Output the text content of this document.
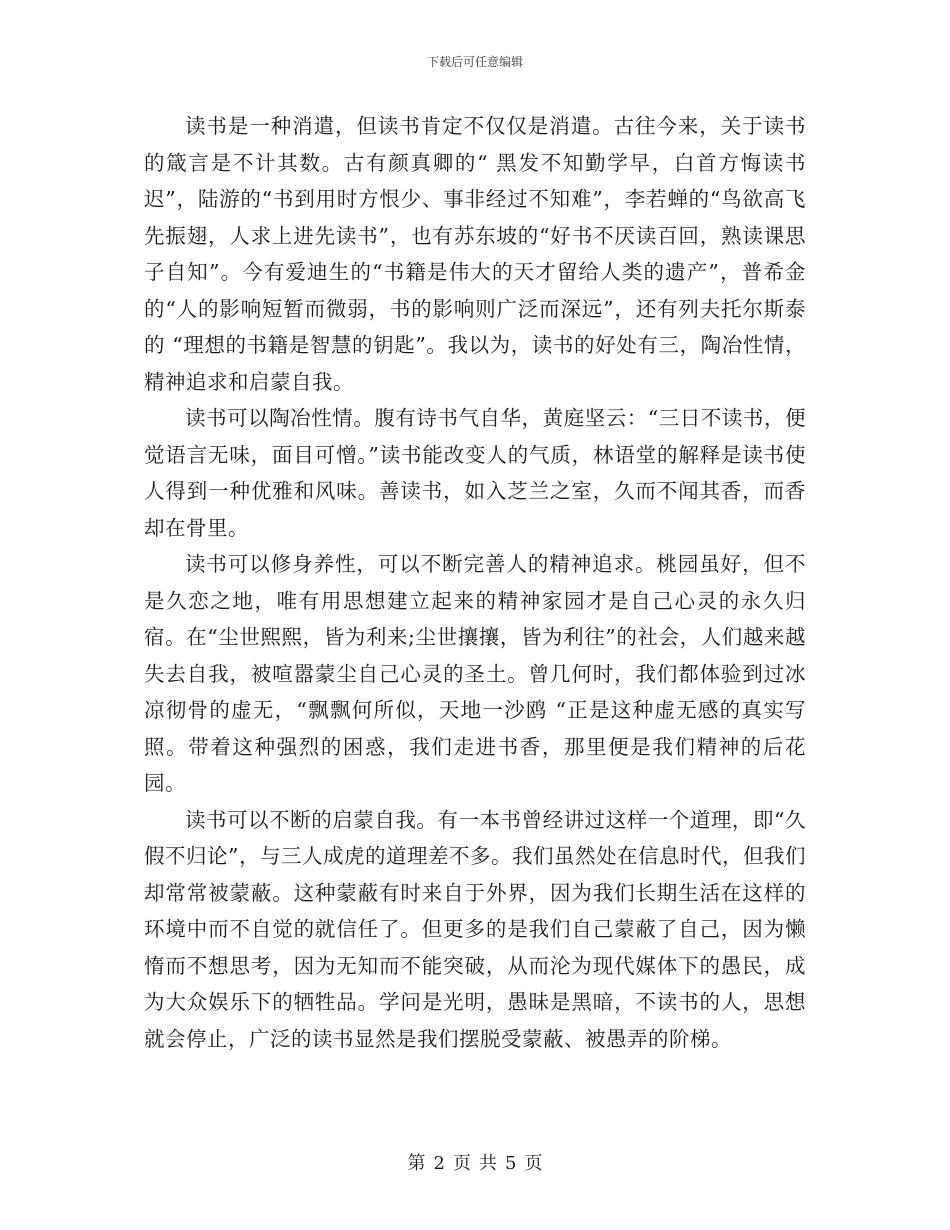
下载后可任意编辑

读书是一种消遣，但读书肯定不仅仅是消遣。古往今来，关于读书的箴言是不计其数。古有颜真卿的“ 黑发不知勤学早，白首方悔读书迟”，陆游的“书到用时方恨少、事非经过不知难”，李若蝉的“鸟欲高飞先振翅，人求上进先读书”，也有苏东坡的“好书不厌读百回，熟读课思子自知”。今有爱迪生的“书籍是伟大的天才留给人类的遗产”，普希金的“人的影响短暂而微弱，书的影响则广泛而深远”，还有列夫托尔斯泰的 “理想的书籍是智慧的钥匙”。我以为，读书的好处有三，陶冶性情，精神追求和启蒙自我。

读书可以陶冶性情。腹有诗书气自华，黄庭坚云：“三日不读书，便觉语言无味，面目可憎。”读书能改变人的气质，林语堂的解释是读书使人得到一种优雅和风味。善读书，如入芝兰之室，久而不闻其香，而香却在骨里。

读书可以修身养性，可以不断完善人的精神追求。桃园虽好，但不是久恋之地，唯有用思想建立起来的精神家园才是自己心灵的永久归宿。在“尘世熙熙，皆为利来;尘世攘攘，皆为利往”的社会，人们越来越失去自我，被喧嚣蒙尘自己心灵的圣土。曾几何时，我们都体验到过冰凉彻骨的虚无，“飘飘何所似，天地一沙鸥 “正是这种虚无感的真实写照。带着这种强烈的困惑，我们走进书香，那里便是我们精神的后花园。

读书可以不断的启蒙自我。有一本书曾经讲过这样一个道理，即“久假不归论”，与三人成虎的道理差不多。我们虽然处在信息时代，但我们却常常被蒙蔽。这种蒙蔽有时来自于外界，因为我们长期生活在这样的环境中而不自觉的就信任了。但更多的是我们自己蒙蔽了自己，因为懒惰而不想思考，因为无知而不能突破，从而沦为现代媒体下的愚民，成为大众娱乐下的牺牲品。学问是光明，愚昧是黑暗，不读书的人，思想就会停止，广泛的读书显然是我们摆脱受蒙蔽、被愚弄的阶梯。

第 2 页 共 5 页
